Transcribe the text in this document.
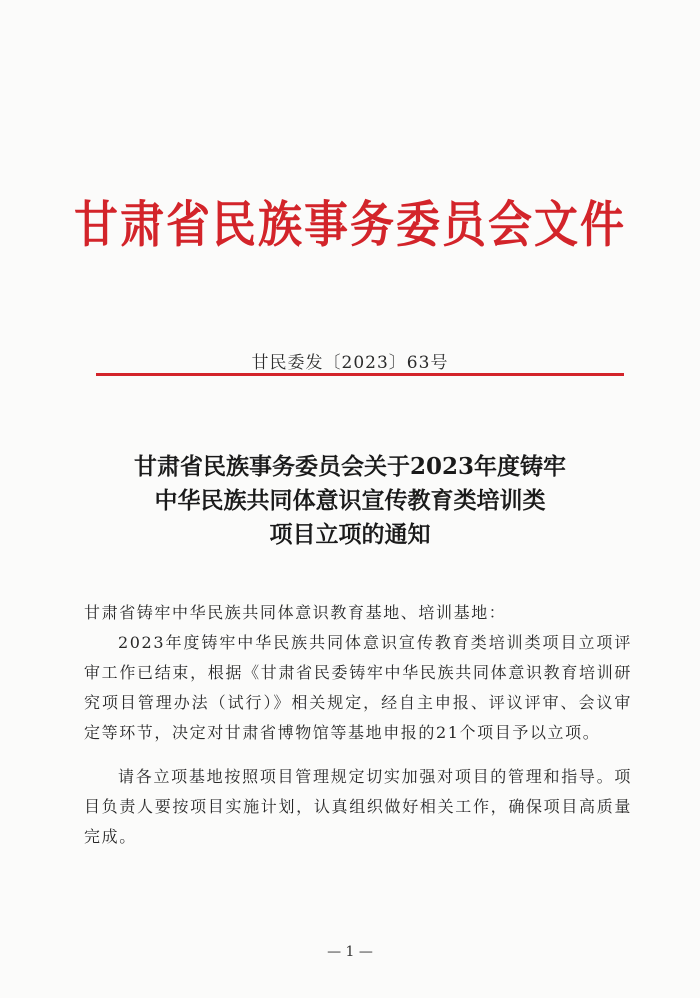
甘肃省民族事务委员会文件
甘民委发〔2023〕63号
甘肃省民族事务委员会关于2023年度铸牢
中华民族共同体意识宣传教育类培训类
项目立项的通知

甘肃省铸牢中华民族共同体意识教育基地、培训基地：

2023年度铸牢中华民族共同体意识宣传教育类培训类项目立项评审工作已结束，根据《甘肃省民委铸牢中华民族共同体意识教育培训研究项目管理办法（试行）》相关规定，经自主申报、评议评审、会议审定等环节，决定对甘肃省博物馆等基地申报的21个项目予以立项。

请各立项基地按照项目管理规定切实加强对项目的管理和指导。项目负责人要按项目实施计划，认真组织做好相关工作，确保项目高质量完成。

— 1 —
